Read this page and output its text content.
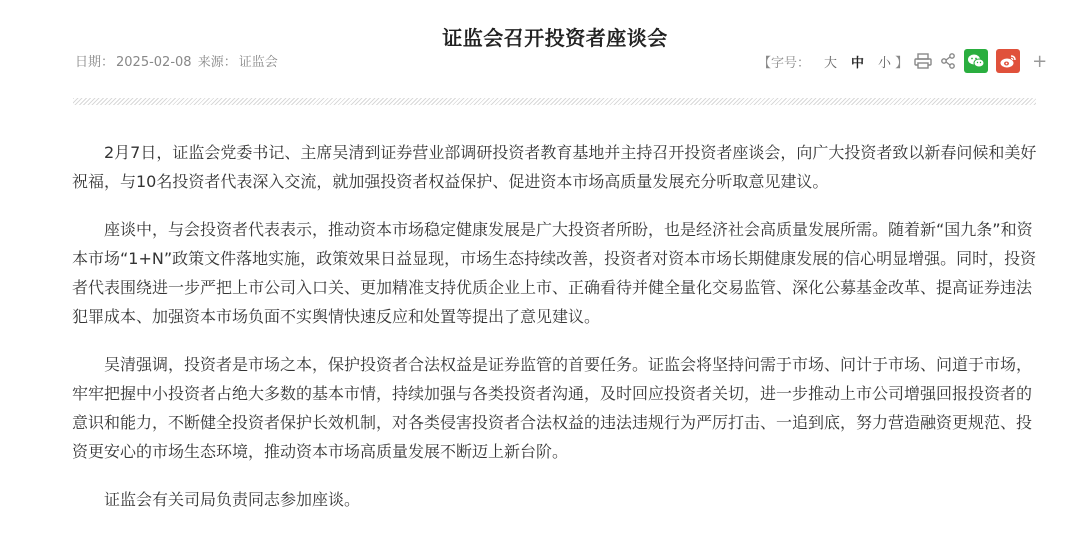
证监会召开投资者座谈会
日期： 2025-02-08 来源： 证监会	【字号： 大 中 小 】	+

2月7日，证监会党委书记、主席吴清到证券营业部调研投资者教育基地并主持召开投资者座谈会，向广大投资者致以新春问候和美好祝福，与10名投资者代表深入交流，就加强投资者权益保护、促进资本市场高质量发展充分听取意见建议。

座谈中，与会投资者代表表示，推动资本市场稳定健康发展是广大投资者所盼，也是经济社会高质量发展所需。随着新“国九条”和资本市场“1+N”政策文件落地实施，政策效果日益显现，市场生态持续改善，投资者对资本市场长期健康发展的信心明显增强。同时，投资者代表围绕进一步严把上市公司入口关、更加精准支持优质企业上市、正确看待并健全量化交易监管、深化公募基金改革、提高证券违法犯罪成本、加强资本市场负面不实舆情快速反应和处置等提出了意见建议。

吴清强调，投资者是市场之本，保护投资者合法权益是证券监管的首要任务。证监会将坚持问需于市场、问计于市场、问道于市场，牢牢把握中小投资者占绝大多数的基本市情，持续加强与各类投资者沟通，及时回应投资者关切，进一步推动上市公司增强回报投资者的意识和能力，不断健全投资者保护长效机制，对各类侵害投资者合法权益的违法违规行为严厉打击、一追到底，努力营造融资更规范、投资更安心的市场生态环境，推动资本市场高质量发展不断迈上新台阶。

证监会有关司局负责同志参加座谈。
